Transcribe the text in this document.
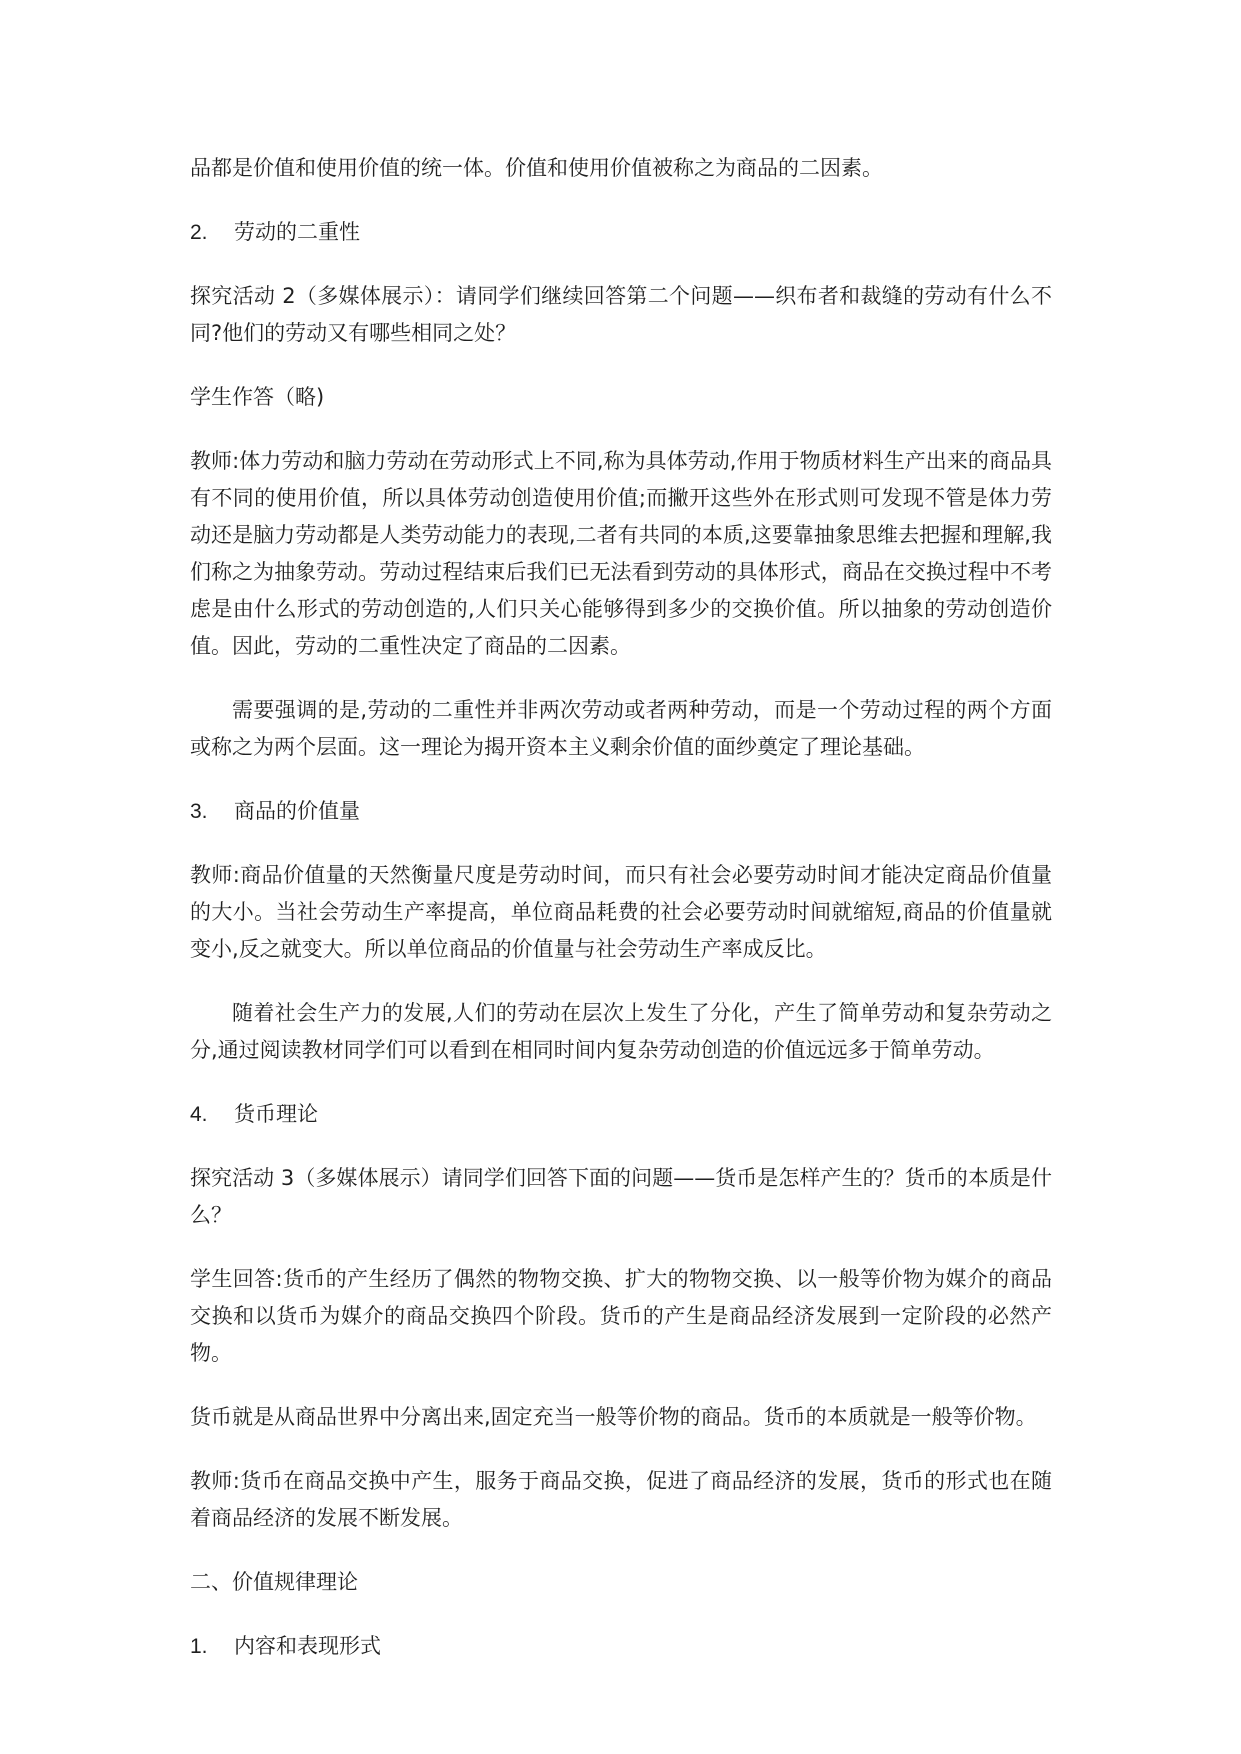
品都是价值和使用价值的统一体。价值和使用价值被称之为商品的二因素。

2.	劳动的二重性

探究活动 2（多媒体展示）：请同学们继续回答第二个问题——织布者和裁缝的劳动有什么不同?他们的劳动又有哪些相同之处？

学生作答（略)

教师:体力劳动和脑力劳动在劳动形式上不同,称为具体劳动,作用于物质材料生产出来的商品具有不同的使用价值，所以具体劳动创造使用价值;而撇开这些外在形式则可发现不管是体力劳动还是脑力劳动都是人类劳动能力的表现,二者有共同的本质,这要靠抽象思维去把握和理解,我们称之为抽象劳动。劳动过程结束后我们已无法看到劳动的具体形式，商品在交换过程中不考虑是由什么形式的劳动创造的,人们只关心能够得到多少的交换价值。所以抽象的劳动创造价值。因此，劳动的二重性决定了商品的二因素。

需要强调的是,劳动的二重性并非两次劳动或者两种劳动，而是一个劳动过程的两个方面或称之为两个层面。这一理论为揭开资本主义剩余价值的面纱奠定了理论基础。

3.	商品的价值量

教师:商品价值量的天然衡量尺度是劳动时间，而只有社会必要劳动时间才能决定商品价值量的大小。当社会劳动生产率提高，单位商品耗费的社会必要劳动时间就缩短,商品的价值量就变小,反之就变大。所以单位商品的价值量与社会劳动生产率成反比。

随着社会生产力的发展,人们的劳动在层次上发生了分化，产生了简单劳动和复杂劳动之分,通过阅读教材同学们可以看到在相同时间内复杂劳动创造的价值远远多于简单劳动。

4.	货币理论

探究活动 3（多媒体展示）请同学们回答下面的问题——货币是怎样产生的？货币的本质是什么？

学生回答:货币的产生经历了偶然的物物交换、扩大的物物交换、以一般等价物为媒介的商品交换和以货币为媒介的商品交换四个阶段。货币的产生是商品经济发展到一定阶段的必然产物。

货币就是从商品世界中分离出来,固定充当一般等价物的商品。货币的本质就是一般等价物。

教师:货币在商品交换中产生，服务于商品交换，促进了商品经济的发展，货币的形式也在随着商品经济的发展不断发展。

二、价值规律理论

1.	内容和表现形式
